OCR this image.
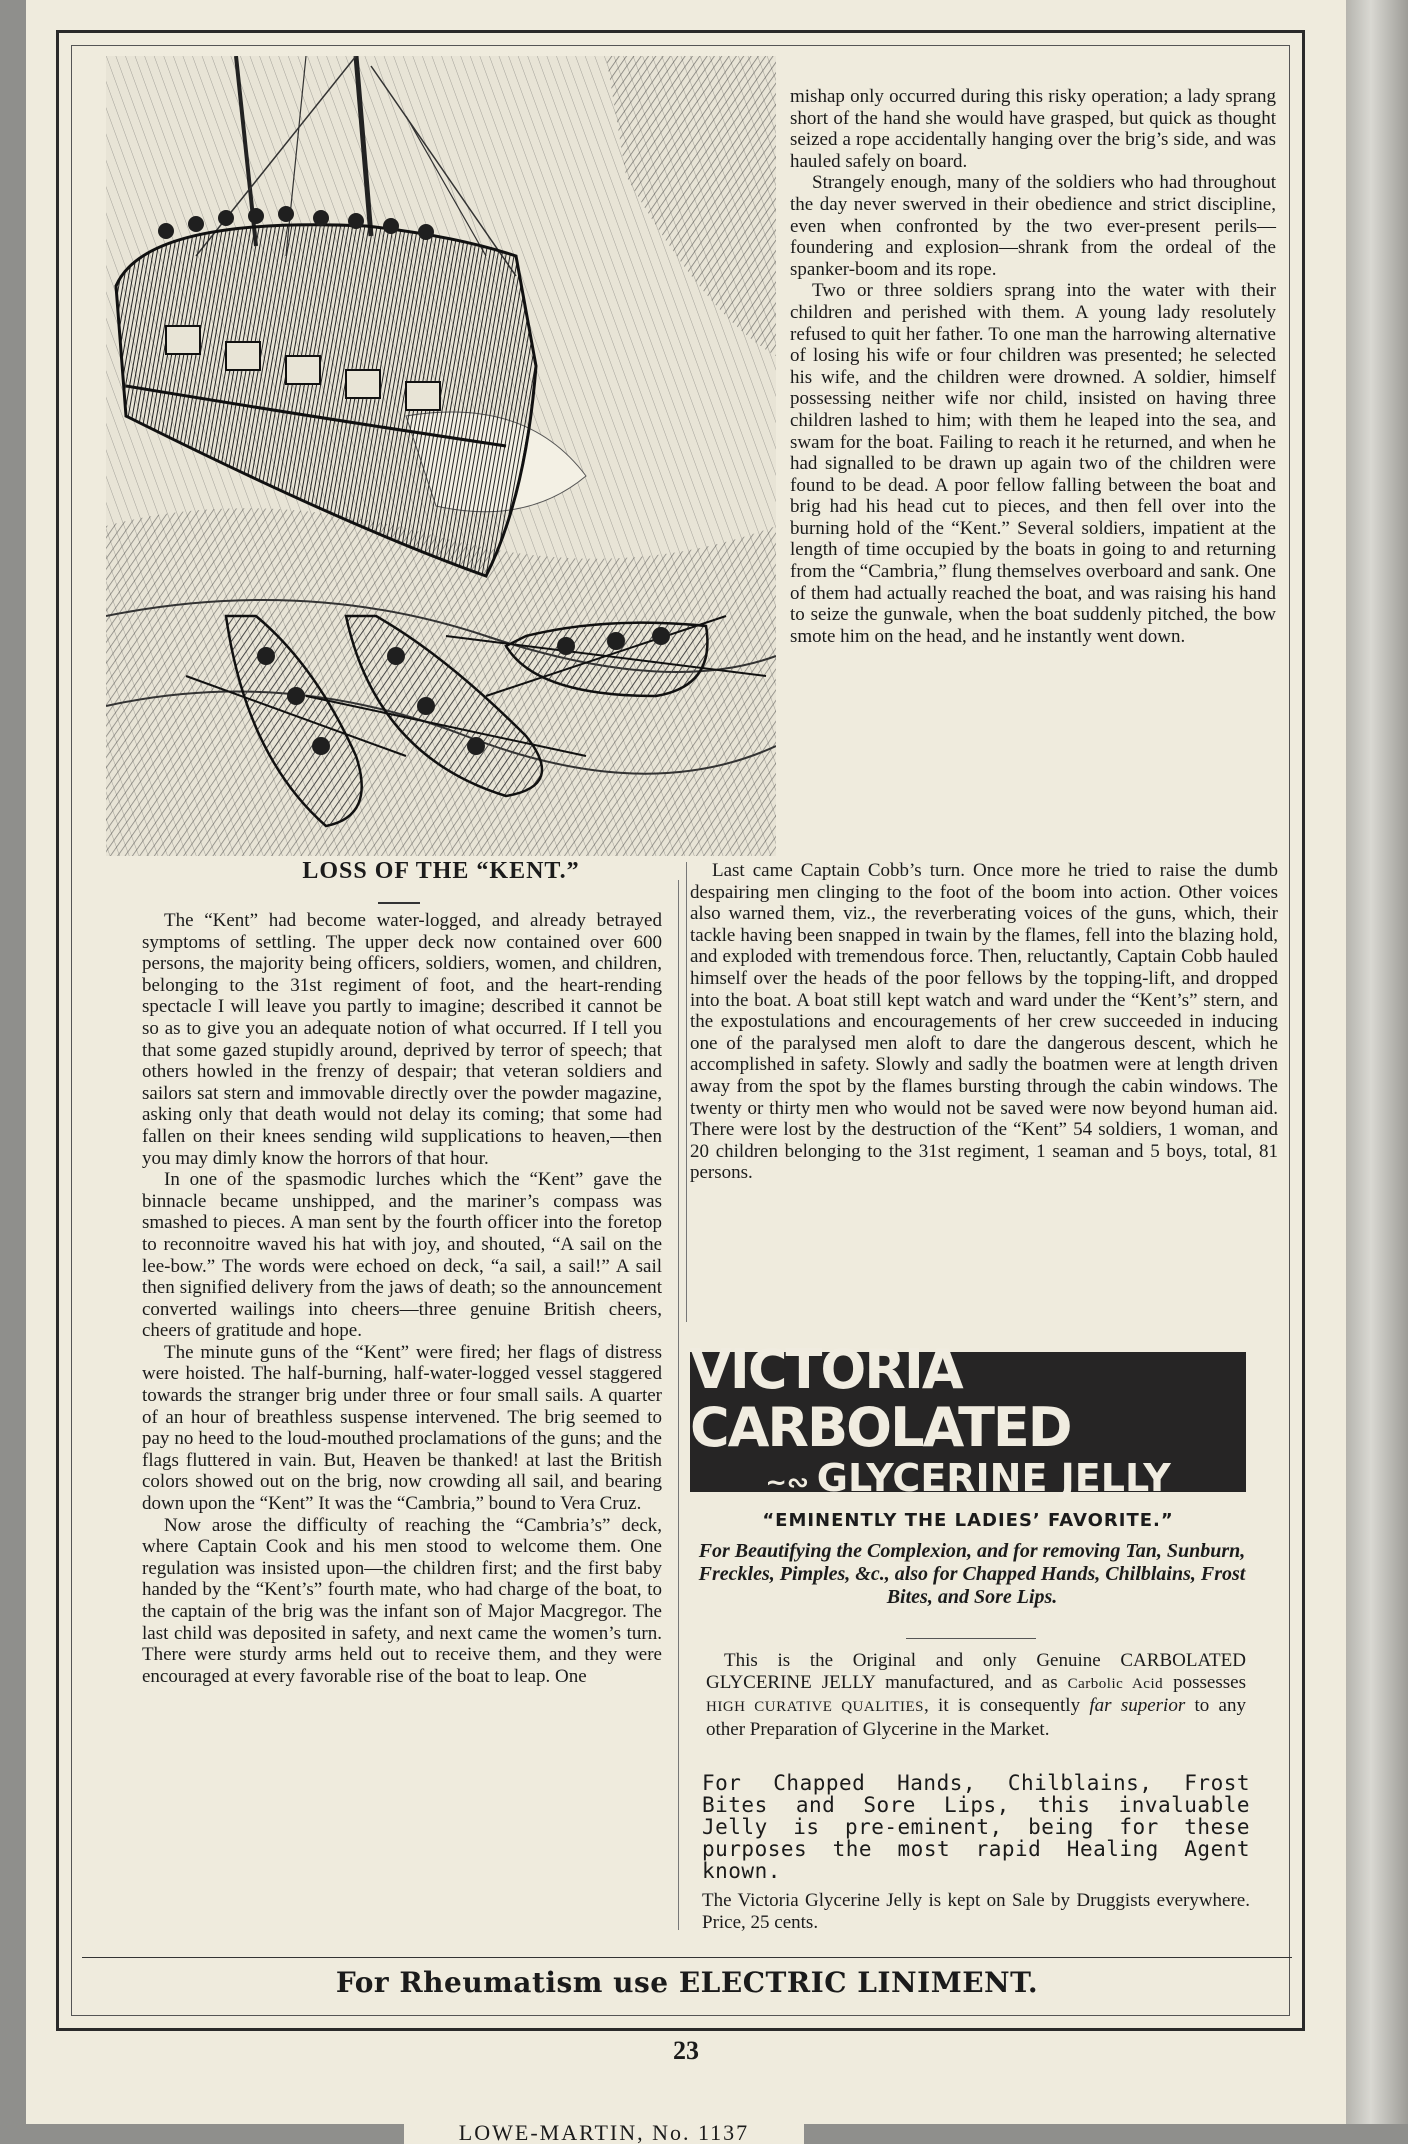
LOSS OF THE “KENT.”

mishap only occurred during this risky operation; a lady sprang short of the hand she would have grasped, but quick as thought seized a rope accidentally hanging over the brig’s side, and was hauled safely on board.

Strangely enough, many of the soldiers who had throughout the day never swerved in their obedience and strict discipline, even when confronted by the two ever-present perils—foundering and explosion—shrank from the ordeal of the spanker-boom and its rope.

Two or three soldiers sprang into the water with their children and perished with them. A young lady resolutely refused to quit her father. To one man the harrowing alternative of losing his wife or four children was presented; he selected his wife, and the children were drowned. A soldier, himself possessing neither wife nor child, insisted on having three children lashed to him; with them he leaped into the sea, and swam for the boat. Failing to reach it he returned, and when he had signalled to be drawn up again two of the children were found to be dead. A poor fellow falling between the boat and brig had his head cut to pieces, and then fell over into the burning hold of the “Kent.” Several soldiers, impatient at the length of time occupied by the boats in going to and returning from the “Cambria,” flung themselves overboard and sank. One of them had actually reached the boat, and was raising his hand to seize the gunwale, when the boat suddenly pitched, the bow smote him on the head, and he instantly went down.

Last came Captain Cobb’s turn. Once more he tried to raise the dumb despairing men clinging to the foot of the boom into action. Other voices also warned them, viz., the reverberating voices of the guns, which, their tackle having been snapped in twain by the flames, fell into the blazing hold, and exploded with tremendous force. Then, reluctantly, Captain Cobb hauled himself over the heads of the poor fellows by the topping-lift, and dropped into the boat. A boat still kept watch and ward under the “Kent’s” stern, and the expostulations and encouragements of her crew succeeded in inducing one of the paralysed men aloft to dare the dangerous descent, which he accomplished in safety. Slowly and sadly the boatmen were at length driven away from the spot by the flames bursting through the cabin windows. The twenty or thirty men who would not be saved were now beyond human aid. There were lost by the destruction of the “Kent” 54 soldiers, 1 woman, and 20 children belonging to the 31st regiment, 1 seaman and 5 boys, total, 81 persons.

The “Kent” had become water-logged, and already betrayed symptoms of settling. The upper deck now contained over 600 persons, the majority being officers, soldiers, women, and children, belonging to the 31st regiment of foot, and the heart-rending spectacle I will leave you partly to imagine; described it cannot be so as to give you an adequate notion of what occurred. If I tell you that some gazed stupidly around, deprived by terror of speech; that others howled in the frenzy of despair; that veteran soldiers and sailors sat stern and immovable directly over the powder magazine, asking only that death would not delay its coming; that some had fallen on their knees sending wild supplications to heaven,—then you may dimly know the horrors of that hour.

In one of the spasmodic lurches which the “Kent” gave the binnacle became unshipped, and the mariner’s compass was smashed to pieces. A man sent by the fourth officer into the foretop to reconnoitre waved his hat with joy, and shouted, “A sail on the lee-bow.” The words were echoed on deck, “a sail, a sail!” A sail then signified delivery from the jaws of death; so the announcement converted wailings into cheers—three genuine British cheers, cheers of gratitude and hope.

The minute guns of the “Kent” were fired; her flags of distress were hoisted. The half-burning, half-water-logged vessel staggered towards the stranger brig under three or four small sails. A quarter of an hour of breathless suspense intervened. The brig seemed to pay no heed to the loud-mouthed proclamations of the guns; and the flags fluttered in vain. But, Heaven be thanked! at last the British colors showed out on the brig, now crowding all sail, and bearing down upon the “Kent” It was the “Cambria,” bound to Vera Cruz.

Now arose the difficulty of reaching the “Cambria’s” deck, where Captain Cook and his men stood to welcome them. One regulation was insisted upon—the children first; and the first baby handed by the “Kent’s” fourth mate, who had charge of the boat, to the captain of the brig was the infant son of Major Macgregor. The last child was deposited in safety, and next came the women’s turn. There were sturdy arms held out to receive them, and they were encouraged at every favorable rise of the boat to leap. One

VICTORIA CARBOLATED
~∾ GLYCERINE JELLY
“EMINENTLY THE LADIES’ FAVORITE.”
For Beautifying the Complexion, and for removing Tan, Sunburn, Freckles, Pimples, &c., also for Chapped Hands, Chilblains, Frost Bites, and Sore Lips.

This is the Original and only Genuine CARBOLATED GLYCERINE JELLY manufactured, and as Carbolic Acid possesses HIGH CURATIVE QUALITIES, it is consequently far superior to any other Preparation of Glycerine in the Market.

For Chapped Hands, Chilblains, Frost Bites and Sore Lips, this invaluable Jelly is pre-eminent, being for these purposes the most rapid Healing Agent known.
The Victoria Glycerine Jelly is kept on Sale by Druggists everywhere. Price, 25 cents.
For Rheumatism use ELECTRIC LINIMENT.
23
LOWE-MARTIN, No. 1137
